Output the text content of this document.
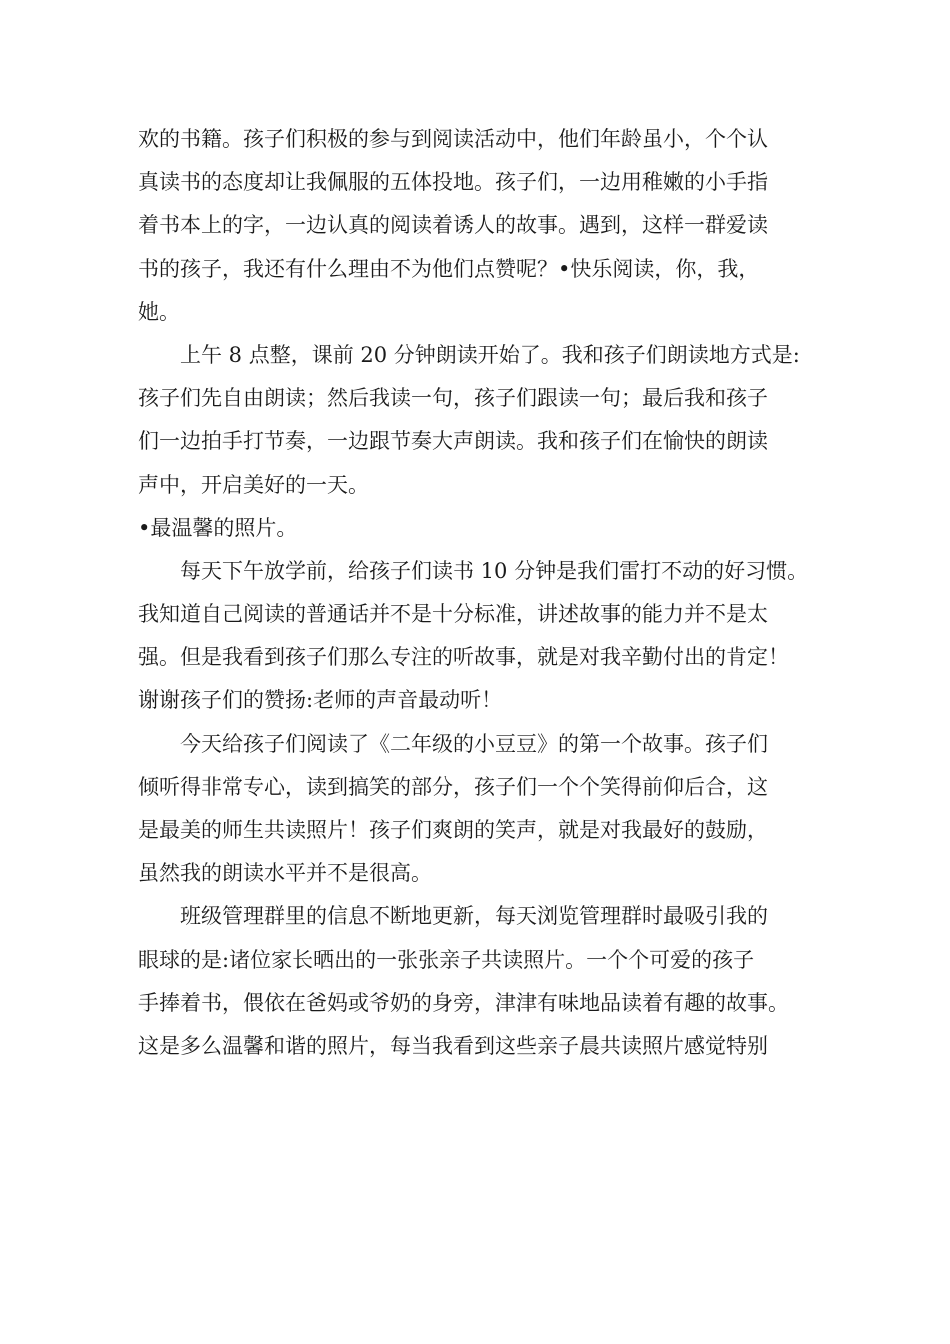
欢的书籍。孩子们积极的参与到阅读活动中，他们年龄虽小，个个认
真读书的态度却让我佩服的五体投地。孩子们，一边用稚嫩的小手指
着书本上的字，一边认真的阅读着诱人的故事。遇到，这样一群爱读
书的孩子，我还有什么理由不为他们点赞呢？•快乐阅读，你，我，
她。
　　上午 8 点整，课前 20 分钟朗读开始了。我和孩子们朗读地方式是:
孩子们先自由朗读；然后我读一句，孩子们跟读一句；最后我和孩子
们一边拍手打节奏，一边跟节奏大声朗读。我和孩子们在愉快的朗读
声中，开启美好的一天。
•最温馨的照片。
　　每天下午放学前，给孩子们读书 10 分钟是我们雷打不动的好习惯。
我知道自己阅读的普通话并不是十分标准，讲述故事的能力并不是太
强。但是我看到孩子们那么专注的听故事，就是对我辛勤付出的肯定！
谢谢孩子们的赞扬:老师的声音最动听！
　　今天给孩子们阅读了《二年级的小豆豆》的第一个故事。孩子们
倾听得非常专心，读到搞笑的部分，孩子们一个个笑得前仰后合，这
是最美的师生共读照片！孩子们爽朗的笑声，就是对我最好的鼓励，
虽然我的朗读水平并不是很高。
　　班级管理群里的信息不断地更新，每天浏览管理群时最吸引我的
眼球的是:诸位家长晒出的一张张亲子共读照片。一个个可爱的孩子
手捧着书，偎依在爸妈或爷奶的身旁，津津有味地品读着有趣的故事。
这是多么温馨和谐的照片，每当我看到这些亲子晨共读照片感觉特别
